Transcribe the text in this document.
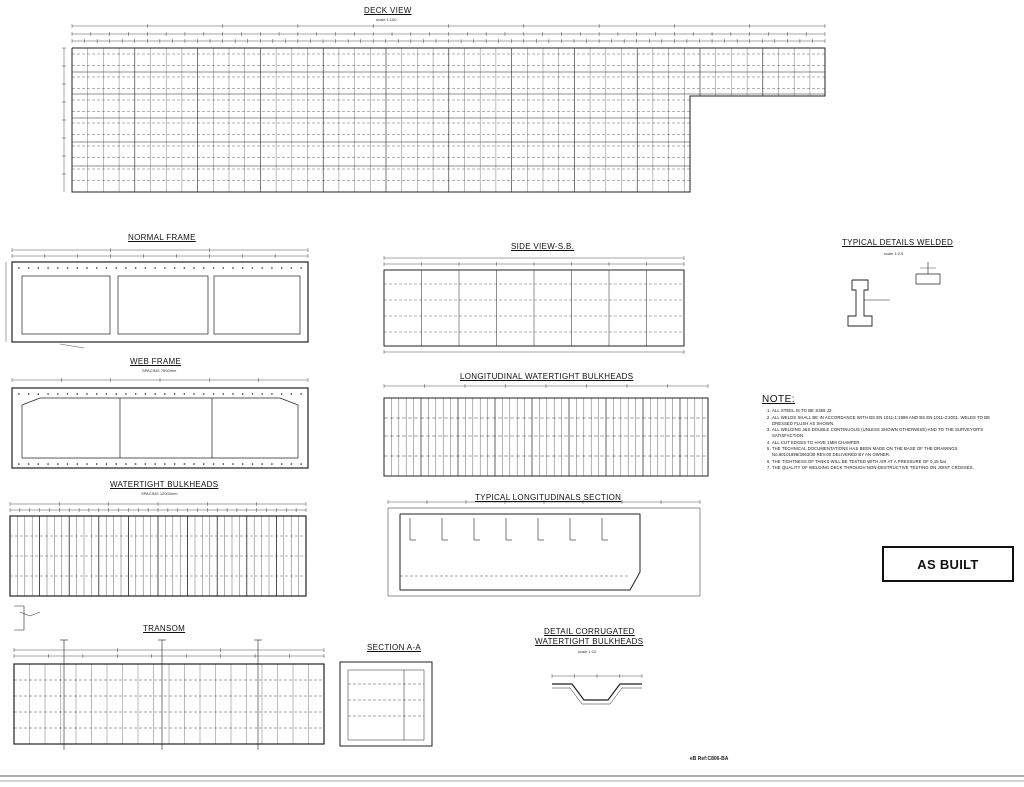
DECK VIEW
scale 1:100
NORMAL FRAME
SIDE VIEW-S.B.	TYPICAL DETAILS WELDED
scale 1:2.5
WEB FRAME
SPACING 7500mm
LONGITUDINAL WATERTIGHT BULKHEADS
WATERTIGHT BULKHEADS
SPACING 12000mm	TYPICAL LONGITUDINALS SECTION
TRANSOM
SECTION A-A
DETAIL CORRUGATED
WATERTIGHT BULKHEADS
scale 1:10
NOTE:
1. ALL STEEL IS TO BE S355 J2.
2. ALL WELDS SHALL BE IN ACCORDANCE WITH BS EN 1011-1:1998 AND BS EN 1011-2:2001. WELDS TO BE DRESSED FLUSH AS SHOWN.
3. ALL WELDING J&S DOUBLE CONTINUOUS (UNLESS SHOWN OTHERWISE) AND TO THE SURVEYOR'S SATISFACTION.
4. ALL CUT EDGES TO HAVE 1MM CHAMFER.
5. THE TECHNICAL DOCUMENTATIONS HAS BEEN MADE ON THE BASE OF THE DRAWINGS No.60101898/3063/30 REV.00 DELIVERED BY AN OWNER.
6. THE TIGHTNESS OF TANKS WILL BE TESTED WITH AIR AT A PRESSURE OF 0,15 bar
7. THE QUALITY OF WELDING DECK THROUGH NON-DESTRUCTIVE TESTING ON JOINT CROSSES.
AS BUILT
eB Ref:C806-BA
